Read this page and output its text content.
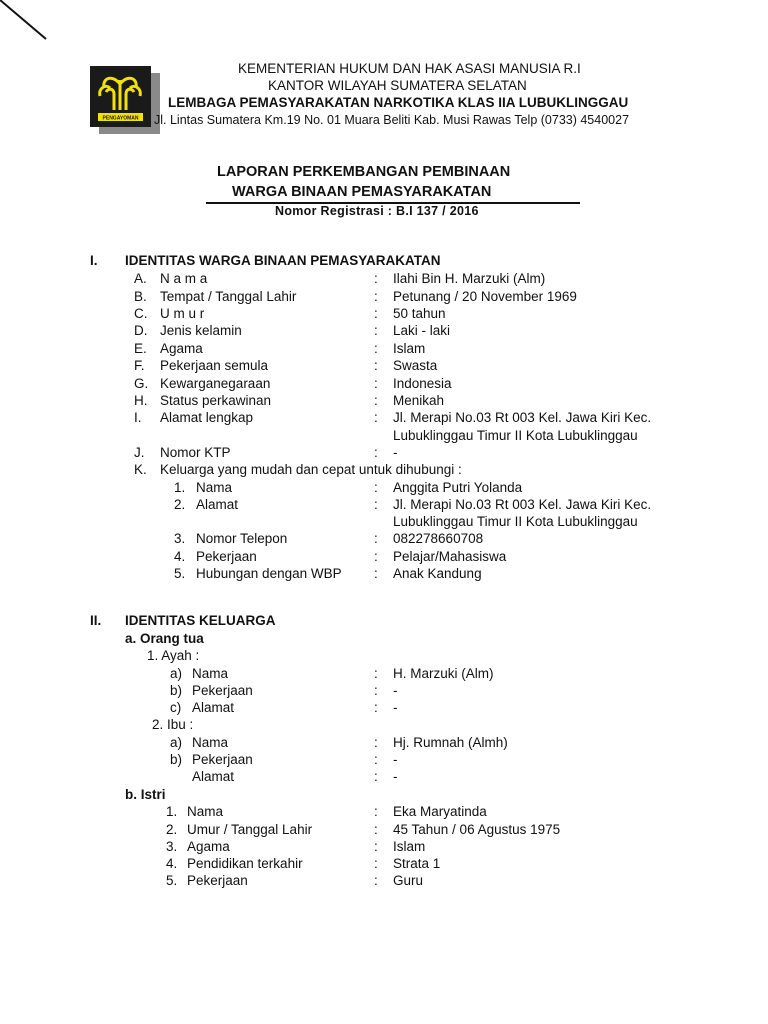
PENGAYOMAN
KEMENTERIAN HUKUM DAN HAK ASASI MANUSIA R.I
KANTOR WILAYAH SUMATERA SELATAN
LEMBAGA PEMASYARAKATAN NARKOTIKA KLAS IIA LUBUKLINGGAU
Jl. Lintas Sumatera Km.19 No. 01 Muara Beliti Kab. Musi Rawas Telp (0733) 4540027
LAPORAN PERKEMBANGAN PEMBINAAN
WARGA BINAAN PEMASYARAKATAN
Nomor Registrasi : B.I 137 / 2016
I. IDENTITAS WARGA BINAAN PEMASYARAKATAN
A. N a m a	: Ilahi Bin H. Marzuki (Alm)
B. Tempat / Tanggal Lahir	: Petunang / 20 November 1969
C. U m u r	: 50 tahun
D. Jenis kelamin	: Laki - laki
E. Agama	: Islam
F. Pekerjaan semula	: Swasta
G. Kewarganegaraan	: Indonesia
H. Status perkawinan	: Menikah
I. Alamat lengkap	: Jl. Merapi No.03 Rt 003 Kel. Jawa Kiri Kec.
Lubuklinggau Timur II Kota Lubuklinggau
J. Nomor KTP	: -
K. Keluarga yang mudah dan cepat untuk dihubungi :
1. Nama	: Anggita Putri Yolanda
2. Alamat	: Jl. Merapi No.03 Rt 003 Kel. Jawa Kiri Kec.
Lubuklinggau Timur II Kota Lubuklinggau
3. Nomor Telepon	: 082278660708
4. Pekerjaan	: Pelajar/Mahasiswa
5. Hubungan dengan WBP : Anak Kandung
II. IDENTITAS KELUARGA
a. Orang tua
1. Ayah :
a) Nama	: H. Marzuki (Alm)
b) Pekerjaan	: -
c) Alamat	: -
2. Ibu :
a) Nama	: Hj. Rumnah (Almh)
b) Pekerjaan	: -
Alamat	: -
b. Istri
1. Nama	: Eka Maryatinda
2. Umur / Tanggal Lahir	: 45 Tahun / 06 Agustus 1975
3. Agama	: Islam
4. Pendidikan terkahir	: Strata 1
5. Pekerjaan	: Guru
